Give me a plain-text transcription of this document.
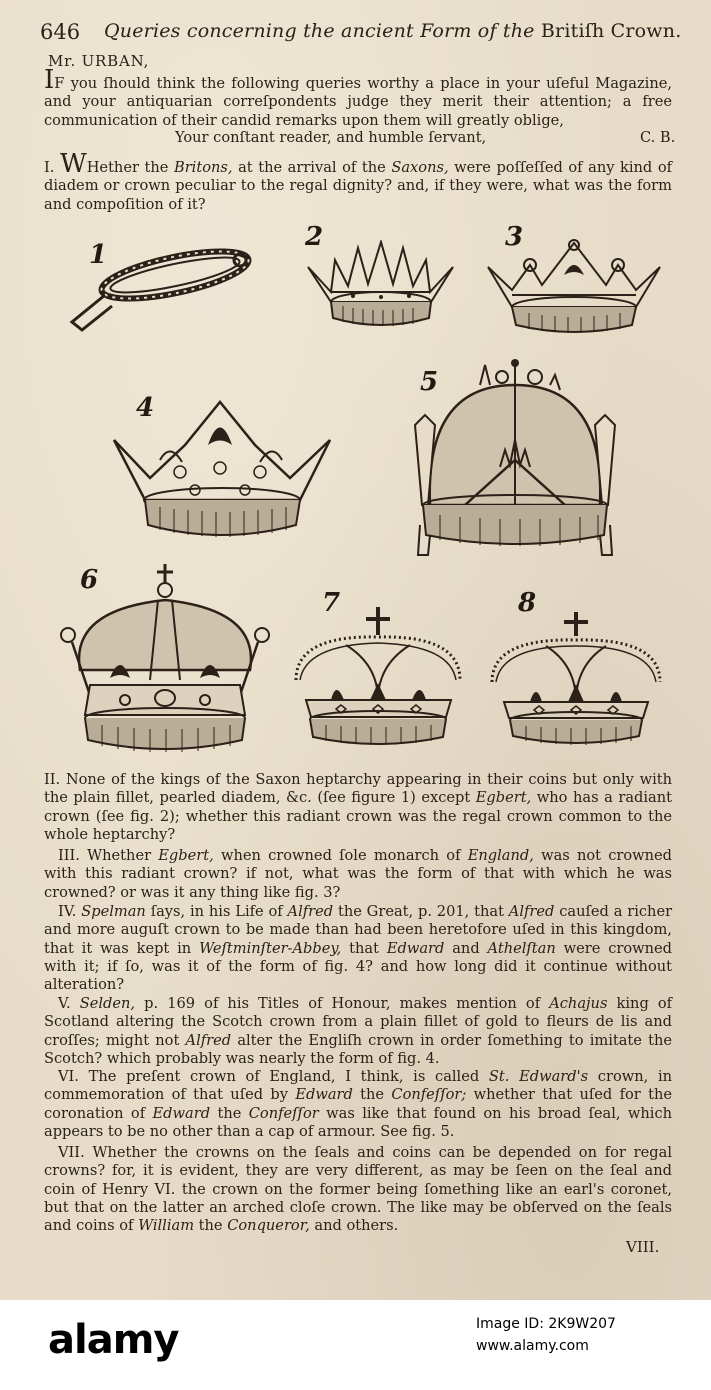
646 Queries concerning the ancient Form of the Britiſh Crown.
Mr. URBAN,

IF you ſhould think the following queries worthy a place in your uſeful Magazine, and your antiquarian correſpondents judge they merit their attention; a free communication of their candid remarks upon them will greatly oblige,

Your conſtant reader, and humble ſervant,	C. B.

I. WHether the Britons, at the arrival of the Saxons, were poſſeſſed of any kind of diadem or crown peculiar to the regal dignity? and, if they were, what was the form and compoſition of it?

1
2	3
4
5
6
7	8

II. None of the kings of the Saxon heptarchy appearing in their coins but only with the plain fillet, pearled diadem, &c. (ſee figure 1) except Egbert, who has a radiant crown (ſee fig. 2); whether this radiant crown was the regal crown common to the whole heptarchy?

III. Whether Egbert, when crowned ſole monarch of England, was not crowned with this radiant crown? if not, what was the form of that with which he was crowned? or was it any thing like fig. 3?

IV. Spelman ſays, in his Life of Alfred the Great, p. 201, that Alfred cauſed a richer and more auguſt crown to be made than had been heretofore uſed in this kingdom, that it was kept in Weſtminſter-Abbey, that Edward and Athelſtan were crowned with it; if ſo, was it of the form of fig. 4? and how long did it continue without alteration?

V. Selden, p. 169 of his Titles of Honour, makes mention of Achajus king of Scotland altering the Scotch crown from a plain fillet of gold to fleurs de lis and croſſes; might not Alfred alter the Engliſh crown in order ſomething to imitate the Scotch? which probably was nearly the form of fig. 4.

VI. The preſent crown of England, I think, is called St. Edward's crown, in commemoration of that uſed by Edward the Confeſſor; whether that uſed for the coronation of Edward the Confeſſor was like that found on his broad ſeal, which appears to be no other than a cap of armour. See fig. 5.

VII. Whether the crowns on the ſeals and coins can be depended on for regal crowns? for, it is evident, they are very different, as may be ſeen on the ſeal and coin of Henry VI. the crown on the former being ſomething like an earl's coronet, but that on the latter an arched cloſe crown. The like may be obſerved on the ſeals and coins of William the Conqueror, and others.

VIII.
alamy	Image ID: 2K9W207
www.alamy.com
